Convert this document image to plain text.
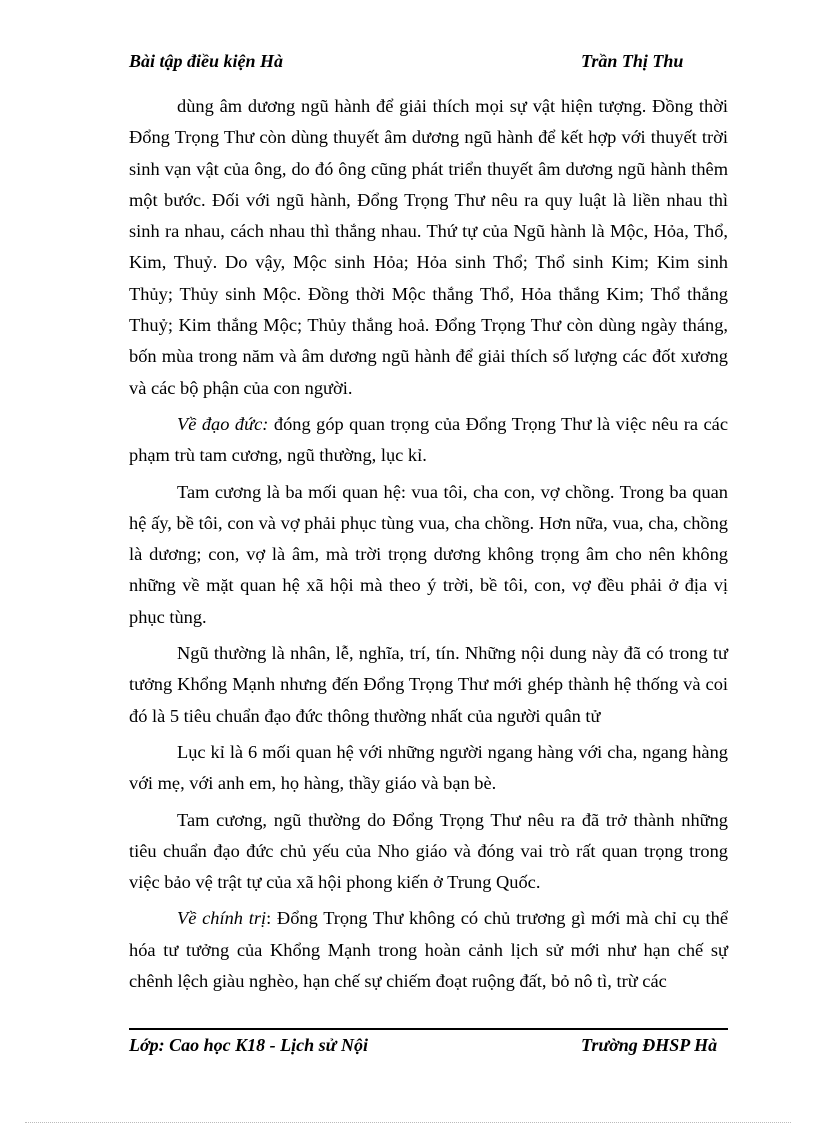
Bài tập điều kiện Hà	Trần Thị Thu

dùng âm dương ngũ hành để giải thích mọi sự vật hiện tượng. Đồng thời Đổng Trọng Thư còn dùng thuyết âm dương ngũ hành để kết hợp với thuyết trời sinh vạn vật của ông, do đó ông cũng phát triển thuyết âm dương ngũ hành thêm một bước. Đối với ngũ hành, Đổng Trọng Thư nêu ra quy luật là liền nhau thì sinh ra nhau, cách nhau thì thắng nhau. Thứ tự của Ngũ hành là Mộc, Hỏa, Thổ, Kim, Thuỷ. Do vậy, Mộc sinh Hỏa; Hỏa sinh Thổ; Thổ sinh Kim; Kim sinh Thủy; Thủy sinh Mộc. Đồng thời Mộc thắng Thổ, Hỏa thắng Kim; Thổ thắng Thuỷ; Kim thắng Mộc; Thủy thắng hoả. Đổng Trọng Thư còn dùng ngày tháng, bốn mùa trong năm và âm dương ngũ hành để giải thích số lượng các đốt xương và các bộ phận của con người.

Về đạo đức: đóng góp quan trọng của Đổng Trọng Thư là việc nêu ra các phạm trù tam cương, ngũ thường, lục kỉ.

Tam cương là ba mối quan hệ: vua tôi, cha con, vợ chồng. Trong ba quan hệ ấy, bề tôi, con và vợ phải phục tùng vua, cha chồng. Hơn nữa, vua, cha, chồng là dương; con, vợ là âm, mà trời trọng dương không trọng âm cho nên không những về mặt quan hệ xã hội mà theo ý trời, bề tôi, con, vợ đều phải ở địa vị phục tùng.

Ngũ thường là nhân, lễ, nghĩa, trí, tín. Những nội dung này đã có trong tư tưởng Khổng Mạnh nhưng đến Đổng Trọng Thư mới ghép thành hệ thống và coi đó là 5 tiêu chuẩn đạo đức thông thường nhất của người quân tử

Lục kỉ là 6 mối quan hệ với những người ngang hàng với cha, ngang hàng với mẹ, với anh em, họ hàng, thầy giáo và bạn bè.

Tam cương, ngũ thường do Đổng Trọng Thư nêu ra đã trở thành những tiêu chuẩn đạo đức chủ yếu của Nho giáo và đóng vai trò rất quan trọng trong việc bảo vệ trật tự của xã hội phong kiến ở Trung Quốc.

Về chính trị: Đổng Trọng Thư không có chủ trương gì mới mà chỉ cụ thể hóa tư tưởng của Khổng Mạnh trong hoàn cảnh lịch sử mới như hạn chế sự chênh lệch giàu nghèo, hạn chế sự chiếm đoạt ruộng đất, bỏ nô tì, trừ các

Lớp: Cao học K18 - Lịch sử Nội	Trường ĐHSP Hà
